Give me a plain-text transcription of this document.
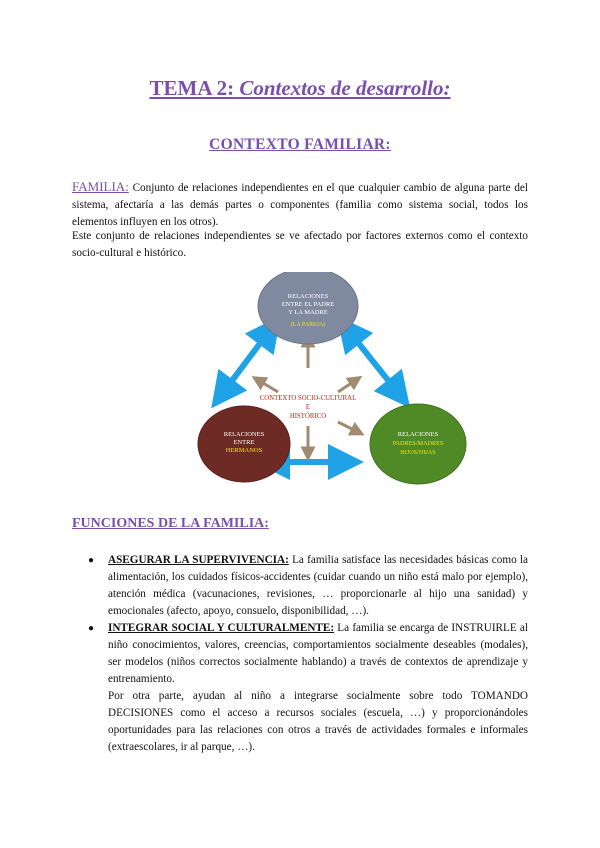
TEMA 2: Contextos de desarrollo:
CONTEXTO FAMILIAR:

FAMILIA: Conjunto de relaciones independientes en el que cualquier cambio de alguna parte del sistema, afectaría a las demás partes o componentes (familia como sistema social, todos los elementos influyen en los otros).

Este conjunto de relaciones independientes se ve afectado por factores externos como el contexto socio-cultural e histórico.

RELACIONES
ENTRE EL PADRE
Y LA MADRE
(LA PAREJA)
RELACIONES
ENTRE
HERMANOS
RELACIONES
PADRES/MADRES
HIJOS/HIJAS
CONTEXTO SOCIO-CULTURAL
E
HISTÓRICO
FUNCIONES DE LA FAMILIA:
● ASEGURAR LA SUPERVIVENCIA: La familia satisface las necesidades básicas como la alimentación, los cuidados físicos-accidentes (cuidar cuando un niño está malo por ejemplo), atención médica (vacunaciones, revisiones, … proporcionarle al hijo una sanidad) y emocionales (afecto, apoyo, consuelo, disponibilidad, …).
● INTEGRAR SOCIAL Y CULTURALMENTE: La familia se encarga de INSTRUIRLE al niño conocimientos, valores, creencias, comportamientos socialmente deseables (modales), ser modelos (niños correctos socialmente hablando) a través de contextos de aprendizaje y entrenamiento.

Por otra parte, ayudan al niño a integrarse socialmente sobre todo TOMANDO DECISIONES como el acceso a recursos sociales (escuela, …) y proporcionándoles oportunidades para las relaciones con otros a través de actividades formales e informales (extraescolares, ir al parque, …).
